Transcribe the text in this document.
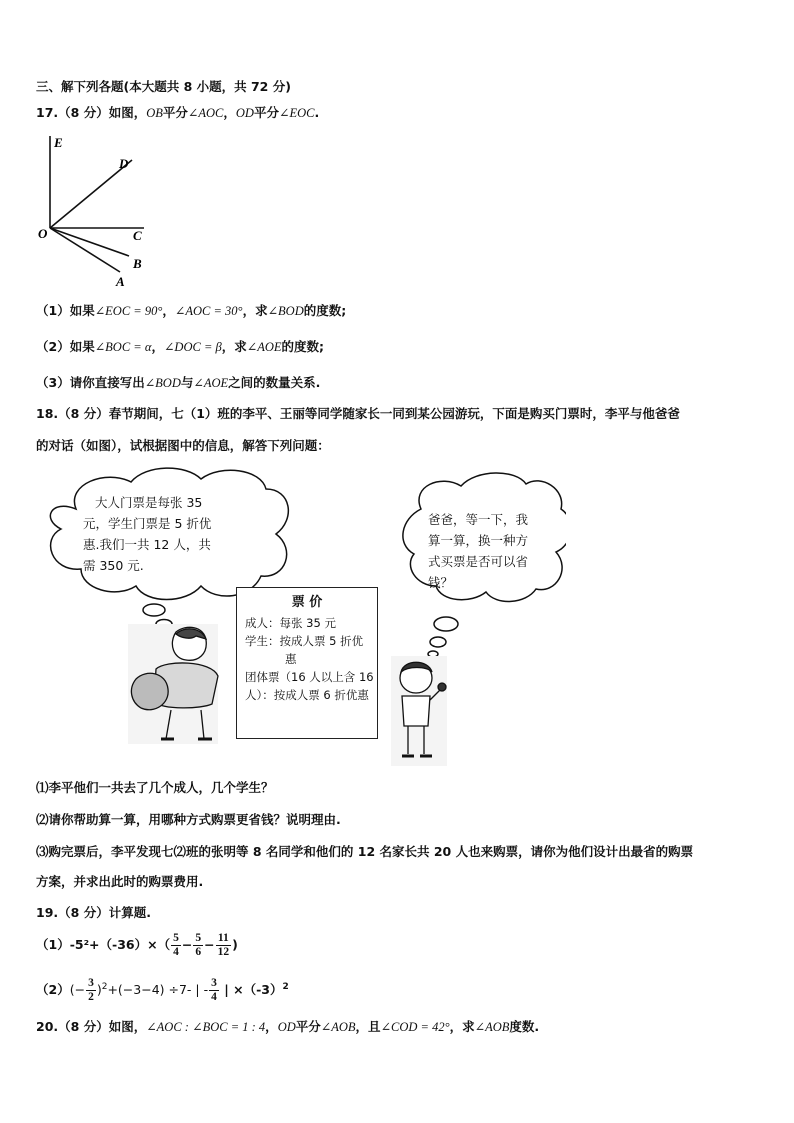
三、解下列各题(本大题共 8 小题，共 72 分)
17.（8 分）如图，OB平分∠AOC，OD平分∠EOC.
E
D
O	C
B
A
（1）如果∠EOC = 90°，∠AOC = 30°，求∠BOD的度数;
（2）如果∠BOC = α，∠DOC = β，求∠AOE的度数;
（3）请你直接写出∠BOD与∠AOE之间的数量关系.
18.（8 分）春节期间，七（1）班的李平、王丽等同学随家长一同到某公园游玩，下面是购买门票时，李平与他爸爸
的对话（如图），试根据图中的信息，解答下列问题：
大人门票是每张 35
元，学生门票是 5 折优
惠.我们一共 12 人，共
需 350 元.
爸爸，等一下，我
算一算，换一种方
式买票是否可以省
钱？
票 价
成人：每张 35 元
学生：按成人票 5 折优
惠
团体票（16 人以上含 16
人）：按成人票 6 折优惠
⑴李平他们一共去了几个成人，几个学生？
⑵请你帮助算一算，用哪种方式购票更省钱？说明理由.
⑶购完票后，李平发现七⑵班的张明等 8 名同学和他们的 12 名家长共 20 人也来购票，请你为他们设计出最省的购票
方案，并求出此时的购票费用.
19.（8 分）计算题.
$(1)-5^2+(-36)\times( \frac{5}{4} - \frac{5}{6} - \frac{11}{12}$ )
$(2)(- \frac{3}{2} )^2+(-3-4) \div 7-$ | - $\frac{3}{4}$ | $\times(-3)^2$
20.（8 分）如图，∠AOC : ∠BOC = 1 : 4，OD平分∠AOB，且∠COD = 42°，求∠AOB度数.
